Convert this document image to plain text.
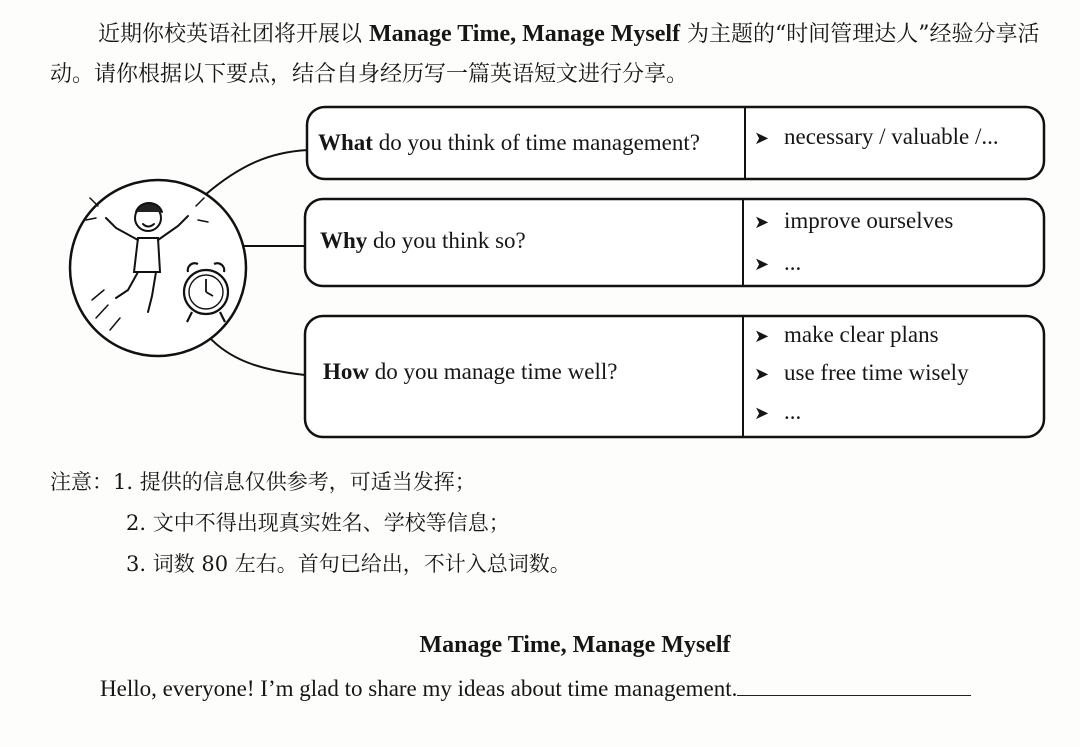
近期你校英语社团将开展以 Manage Time, Manage Myself 为主题的“时间管理达人”经验分享活动。请你根据以下要点，结合自身经历写一篇英语短文进行分享。

What do you think of time management?
Why do you think so?
How do you manage time well?
➤ necessary / valuable /...
➤ improve ourselves
➤ ...
➤ make clear plans
➤ use free time wisely
➤ ...
注意：1. 提供的信息仅供参考，可适当发挥；
2. 文中不得出现真实姓名、学校等信息；
3. 词数 80 左右。首句已给出，不计入总词数。
Manage Time, Manage Myself
Hello, everyone! I’m glad to share my ideas about time management.
